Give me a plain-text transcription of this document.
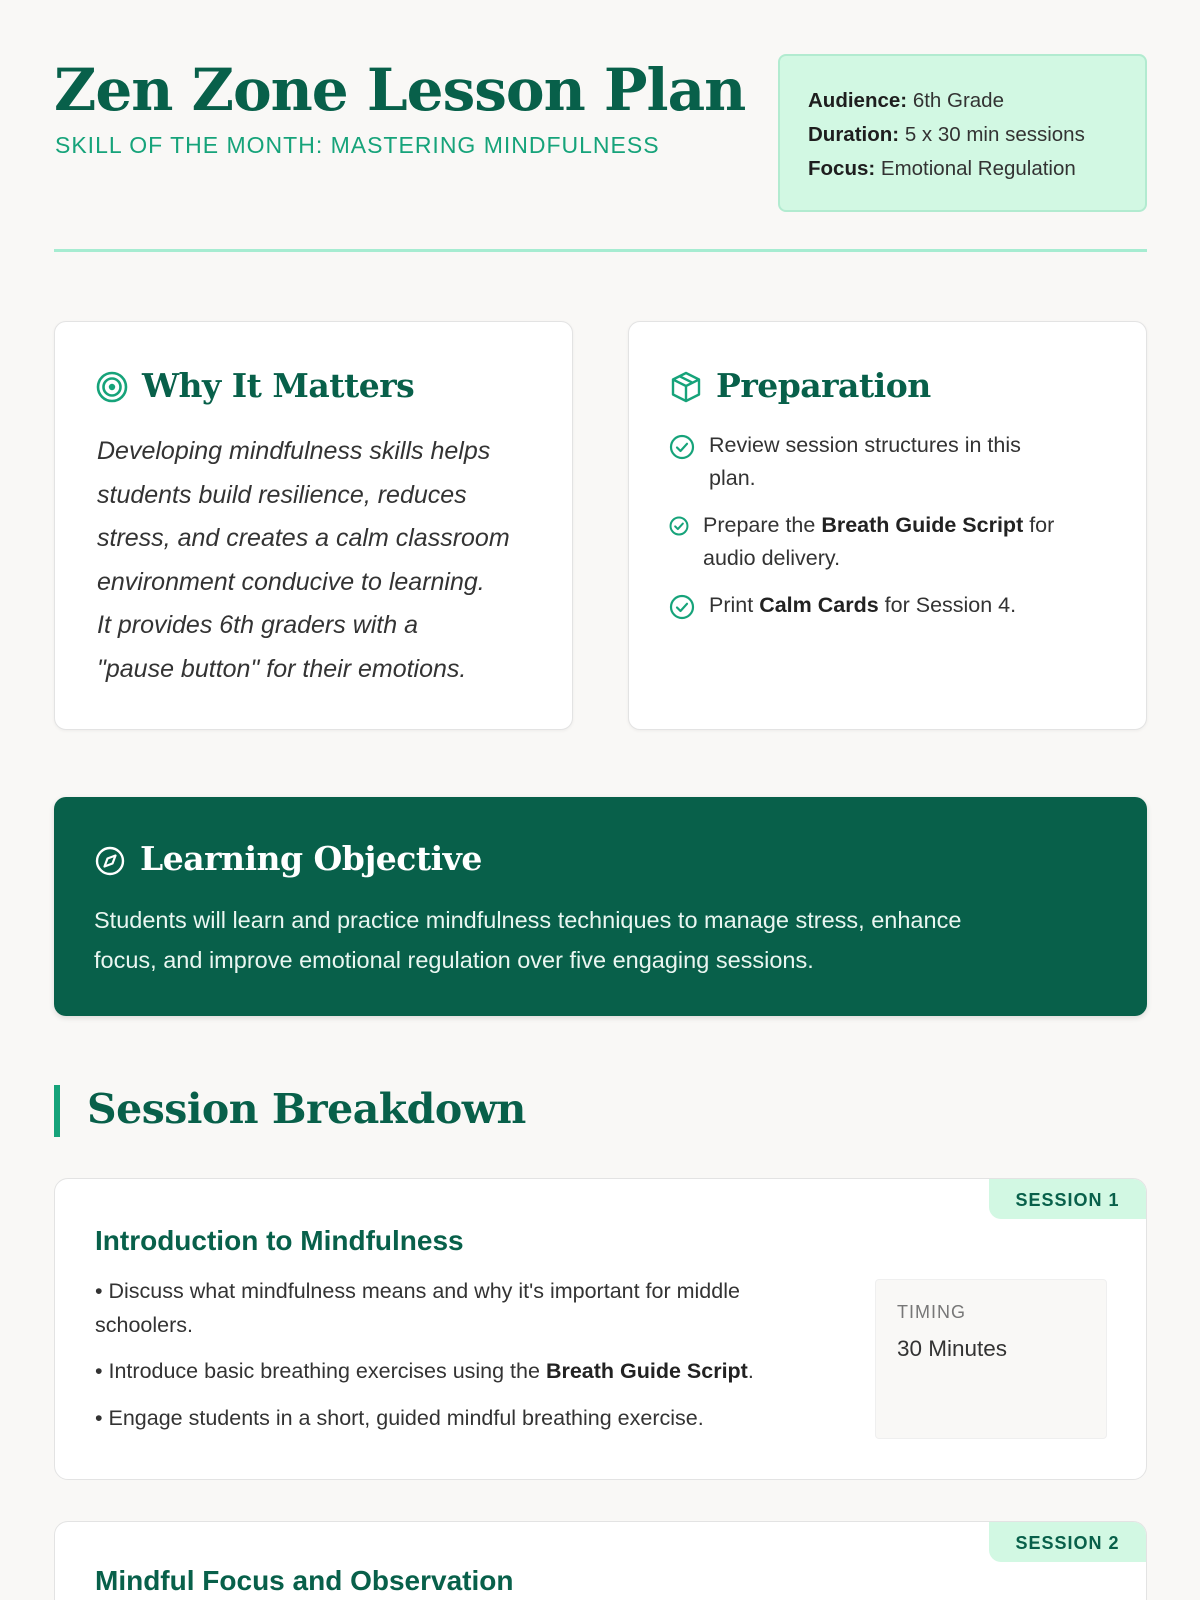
Zen Zone Lesson Plan
SKILL OF THE MONTH: MASTERING MINDFULNESS
Audience: 6th Grade
Duration: 5 x 30 min sessions
Focus: Emotional Regulation
Why It Matters
Developing mindfulness skills helps
students build resilience, reduces
stress, and creates a calm classroom
environment conducive to learning.
It provides 6th graders with a
"pause button" for their emotions.
Preparation
Review session structures in this
plan.
Prepare the Breath Guide Script for
audio delivery.
Print Calm Cards for Session 4.
Learning Objective
Students will learn and practice mindfulness techniques to manage stress, enhance
focus, and improve emotional regulation over five engaging sessions.
Session Breakdown
SESSION 1
Introduction to Mindfulness
• Discuss what mindfulness means and why it's important for middle
schoolers.
• Introduce basic breathing exercises using the Breath Guide Script.
• Engage students in a short, guided mindful breathing exercise.
TIMING
30 Minutes
SESSION 2
Mindful Focus and Observation
